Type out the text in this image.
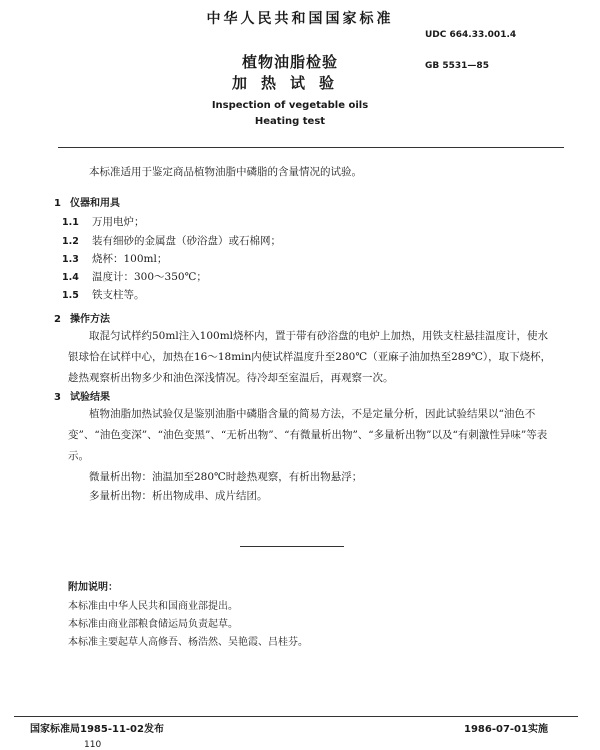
中华人民共和国国家标准
UDC 664.33.001.4
GB 5531—85
植物油脂检验
加热试验
Inspection of vegetable oils
Heating test
本标准适用于鉴定商品植物油脂中磷脂的含量情况的试验。
1 仪器和用具
1.1 万用电炉；
1.2 装有细砂的金属盘（砂浴盘）或石棉网；
1.3 烧杯：100ml；
1.4 温度计：300～350℃；
1.5 铁支柱等。
2 操作方法
取混匀试样约50ml注入100ml烧杯内，置于带有砂浴盘的电炉上加热，用铁支柱悬挂温度计，使水银球恰在试样中心，加热在16～18min内使试样温度升至280℃（亚麻子油加热至289℃），取下烧杯，趁热观察析出物多少和油色深浅情况。待冷却至室温后，再观察一次。
3 试验结果
植物油脂加热试验仅是鉴别油脂中磷脂含量的简易方法，不是定量分析，因此试验结果以“油色不变”、“油色变深”、“油色变黑”、“无析出物”、“有微量析出物”、“多量析出物”以及“有刺激性异味”等表示。
微量析出物：油温加至280℃时趁热观察，有析出物悬浮；
多量析出物：析出物成串、成片结团。
附加说明：
本标准由中华人民共和国商业部提出。
本标准由商业部粮食储运局负责起草。
本标准主要起草人高修吾、杨浩然、吴艳霞、吕桂芬。
国家标准局1985-11-02发布	1986-07-01实施
110
